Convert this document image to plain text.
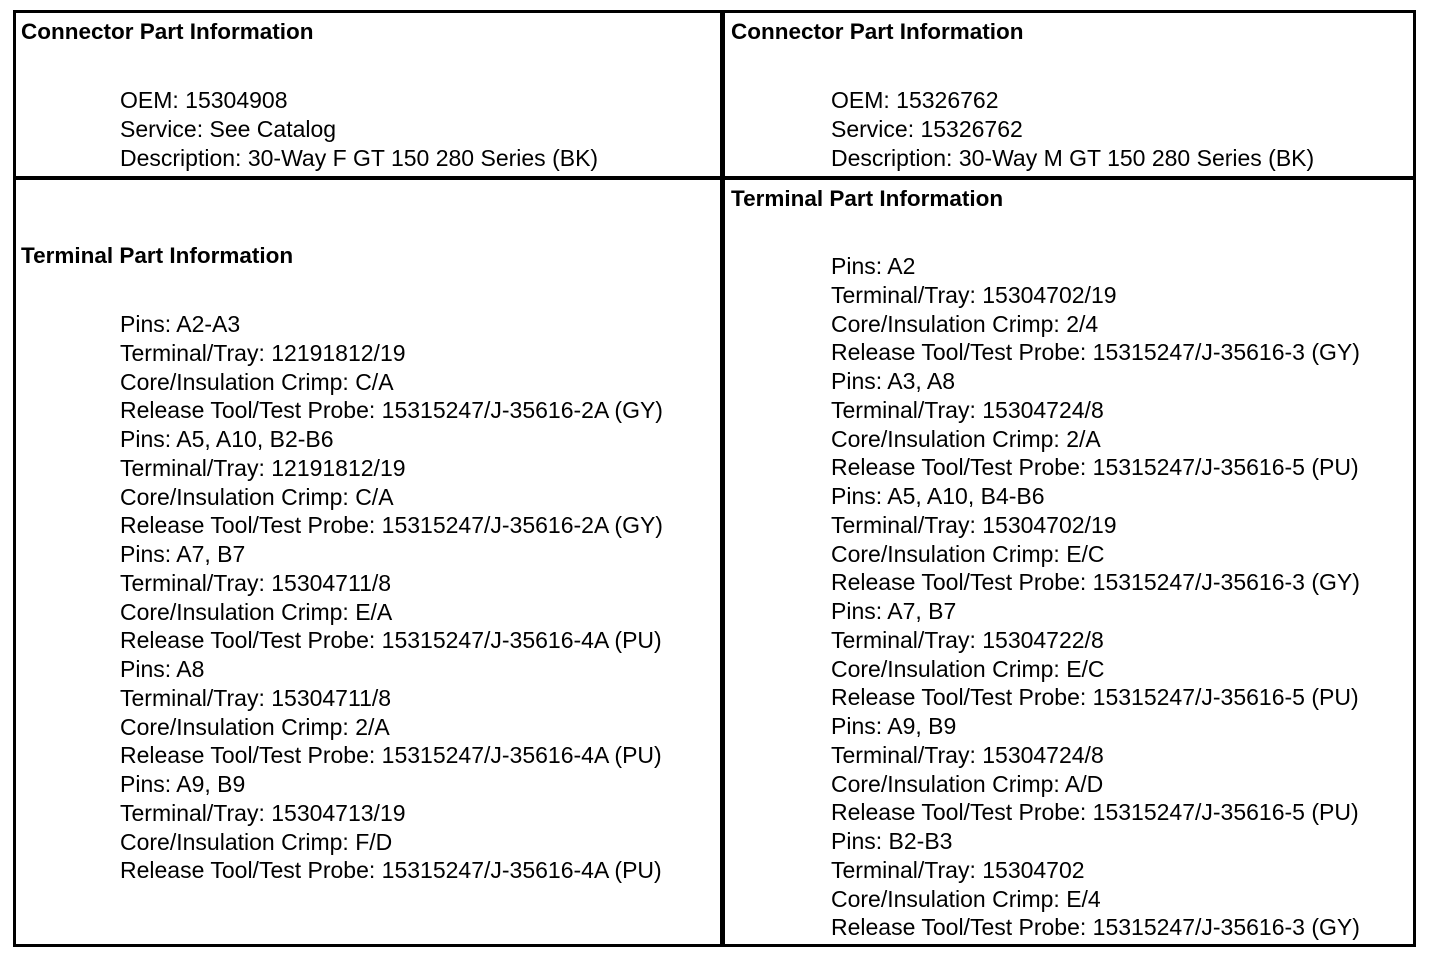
Connector Part Information
OEM: 15304908
Service: See Catalog
Description: 30-Way F GT 150 280 Series (BK)
Connector Part Information
OEM: 15326762
Service: 15326762
Description: 30-Way M GT 150 280 Series (BK)
Terminal Part Information
Pins: A2-A3
Terminal/Tray: 12191812/19
Core/Insulation Crimp: C/A
Release Tool/Test Probe: 15315247/J-35616-2A (GY)
Pins: A5, A10, B2-B6
Terminal/Tray: 12191812/19
Core/Insulation Crimp: C/A
Release Tool/Test Probe: 15315247/J-35616-2A (GY)
Pins: A7, B7
Terminal/Tray: 15304711/8
Core/Insulation Crimp: E/A
Release Tool/Test Probe: 15315247/J-35616-4A (PU)
Pins: A8
Terminal/Tray: 15304711/8
Core/Insulation Crimp: 2/A
Release Tool/Test Probe: 15315247/J-35616-4A (PU)
Pins: A9, B9
Terminal/Tray: 15304713/19
Core/Insulation Crimp: F/D
Release Tool/Test Probe: 15315247/J-35616-4A (PU)
Terminal Part Information
Pins: A2
Terminal/Tray: 15304702/19
Core/Insulation Crimp: 2/4
Release Tool/Test Probe: 15315247/J-35616-3 (GY)
Pins: A3, A8
Terminal/Tray: 15304724/8
Core/Insulation Crimp: 2/A
Release Tool/Test Probe: 15315247/J-35616-5 (PU)
Pins: A5, A10, B4-B6
Terminal/Tray: 15304702/19
Core/Insulation Crimp: E/C
Release Tool/Test Probe: 15315247/J-35616-3 (GY)
Pins: A7, B7
Terminal/Tray: 15304722/8
Core/Insulation Crimp: E/C
Release Tool/Test Probe: 15315247/J-35616-5 (PU)
Pins: A9, B9
Terminal/Tray: 15304724/8
Core/Insulation Crimp: A/D
Release Tool/Test Probe: 15315247/J-35616-5 (PU)
Pins: B2-B3
Terminal/Tray: 15304702
Core/Insulation Crimp: E/4
Release Tool/Test Probe: 15315247/J-35616-3 (GY)
